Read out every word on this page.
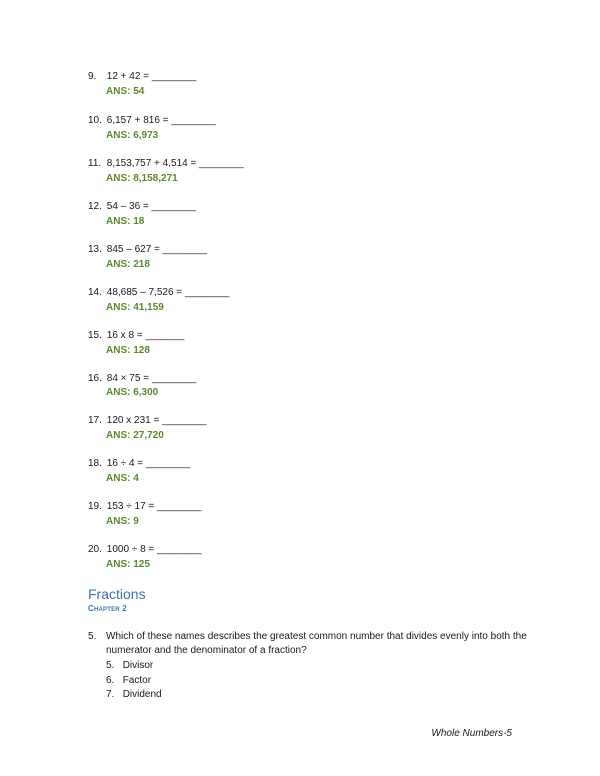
9. 12 + 42 = ________
ANS: 54
10. 6,157 + 816 = ________
ANS: 6,973
11. 8,153,757 + 4,514 = ________
ANS: 8,158,271
12. 54 – 36 = ________
ANS: 18
13. 845 – 627 = ________
ANS: 218
14. 48,685 – 7,526 = ________
ANS: 41,159
15. 16 x 8 = _______
ANS: 128
16. 84 × 75 = ________
ANS: 6,300
17. 120 x 231 = ________
ANS: 27,720
18. 16 ÷ 4 = ________
ANS: 4
19. 153 ÷ 17 = ________
ANS: 9
20. 1000 ÷ 8 = ________
ANS: 125
Fractions
Chapter 2
5. Which of these names describes the greatest common number that divides evenly into both the numerator and the denominator of a fraction?
5. Divisor
6. Factor
7. Dividend
Whole Numbers-5
